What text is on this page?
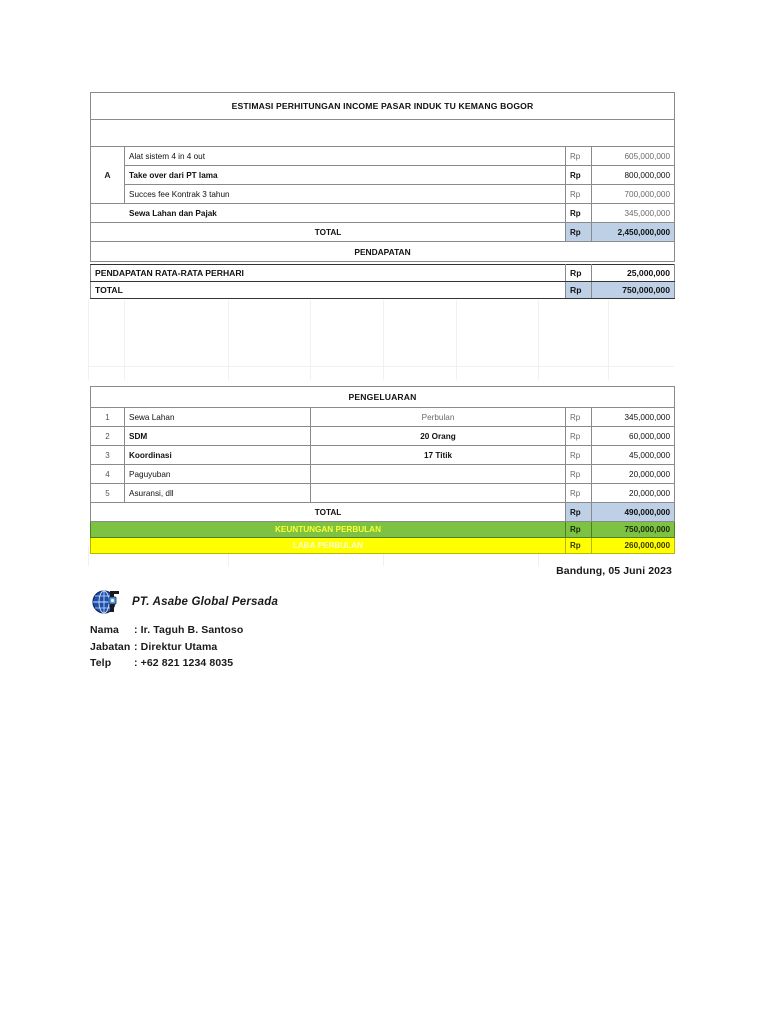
ESTIMASI PERHITUNGAN INCOME PASAR INDUK TU KEMANG BOGOR			

A	Alat sistem 4 in 4 out	Rp	605,000,000
	Take over dari PT lama	Rp	800,000,000
	Succes fee Kontrak 3 tahun	Rp	700,000,000
Sewa Lahan dan Pajak		Rp	345,000,000
TOTAL		Rp	2,450,000,000
PENDAPATAN			
PENDAPATAN RATA-RATA PERHARI	Rp	25,000,000
TOTAL	Rp	750,000,000
PENGELUARAN				
1	Sewa Lahan	Perbulan	Rp	345,000,000
2	SDM	20 Orang	Rp	60,000,000
3	Koordinasi	17 Titik	Rp	45,000,000
4	Paguyuban		Rp	20,000,000
5	Asuransi, dll		Rp	20,000,000
TOTAL			Rp	490,000,000
KEUNTUNGAN PERBULAN			Rp	750,000,000
LABA PERBULAN			Rp	260,000,000
Bandung, 05 Juni 2023
PT. Asabe Global Persada
Nama : Ir. Taguh B. Santoso
Jabatan : Direktur Utama
Telp : +62 821 1234 8035
